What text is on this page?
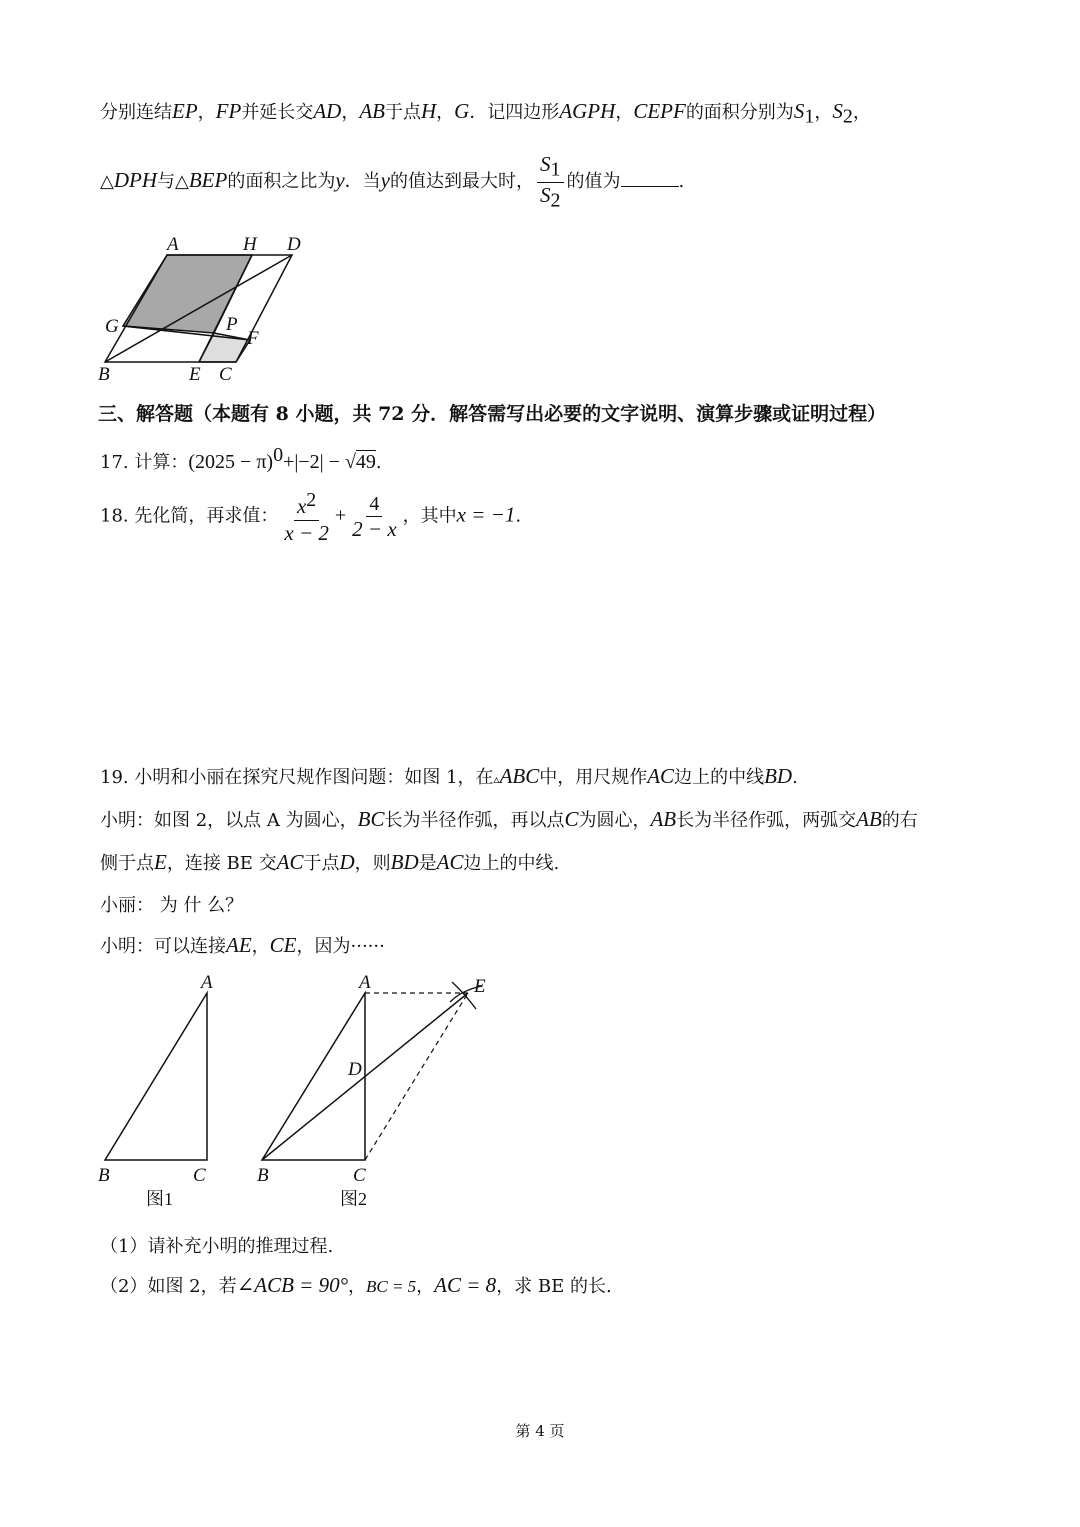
分别连结EP，FP并延长交AD，AB于点H，G．记四边形AGPH，CEPF的面积分别为$S_1$，$S_2$，
△DPH与△BEP的面积之比为y．当y的值达到最大时， $\frac{S_1}{S_2}$ 的值为	.
A	H D
G	P
F
B	E C
三、解答题（本题有 8 小题，共 72 分．解答需写出必要的文字说明、演算步骤或证明过程）
17. 计算：$(2025 - \pi)^0+|-2| - √49$.
18. 先化简，再求值： $\frac{x^2}{x - 2} + \frac{4}{2 - x}$ ，其中x = −1.
19. 小明和小丽在探究尺规作图问题：如图 1，在▵ABC中，用尺规作AC边上的中线BD.
小明：如图 2，以点 A 为圆心，BC长为半径作弧，再以点C为圆心，AB长为半径作弧，两弧交AB的右
侧于点E，连接 BE 交AC于点D，则BD是AC边上的中线.
小丽： 为 什 么？
小明：可以连接AE，CE，因为······
A
B	C
图1
A	E
D
B	C
图2
（1）请补充小明的推理过程.
（2）如图 2，若∠ACB = 90°，BC = 5，AC = 8，求 BE 的长.
第 4 页
